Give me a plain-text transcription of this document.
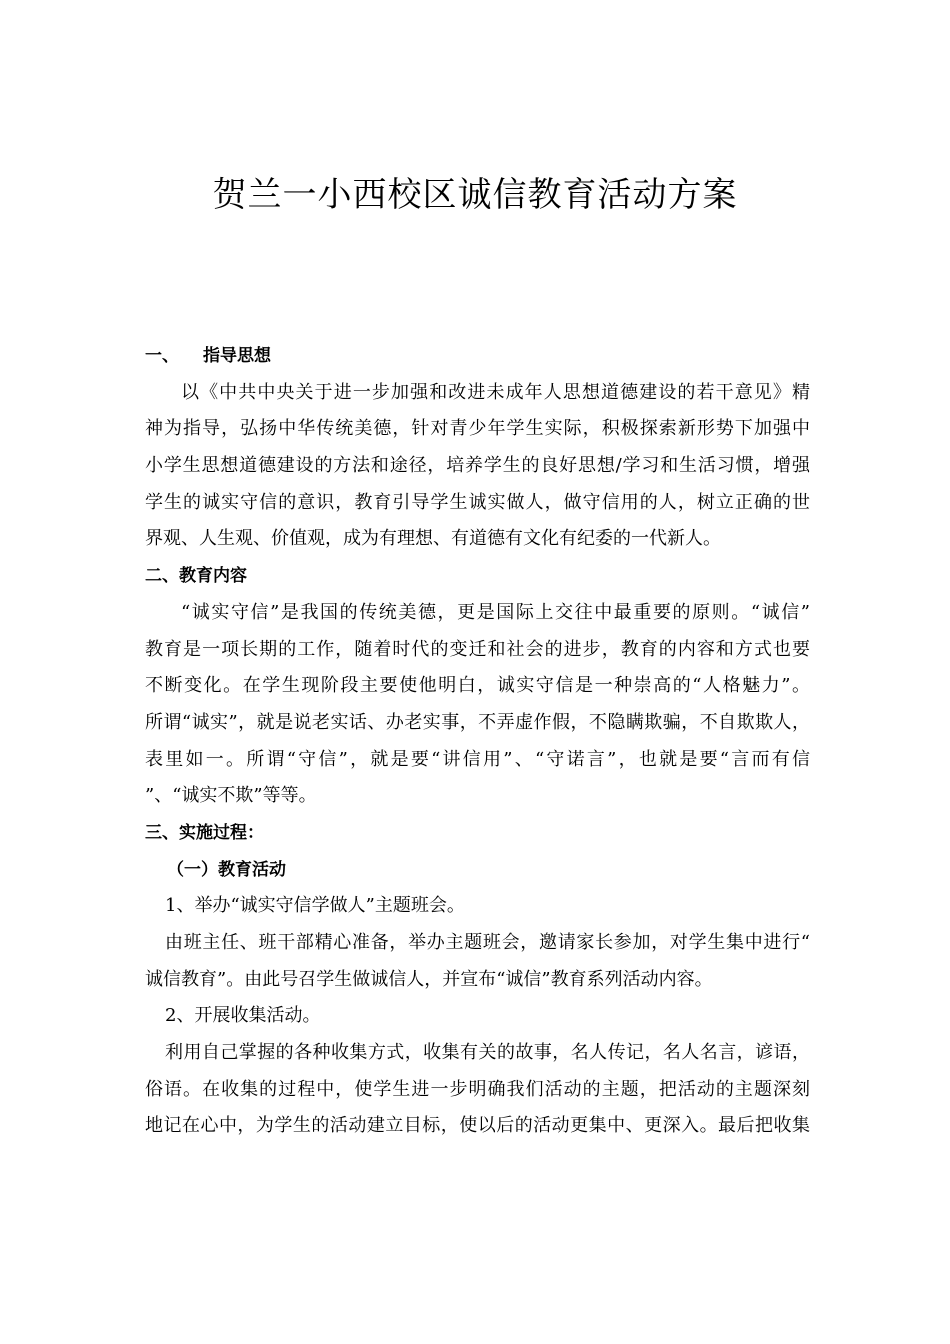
贺兰一小西校区诚信教育活动方案
一、 指导思想
以《中共中央关于进一步加强和改进未成年人思想道德建设的若干意见》精
神为指导，弘扬中华传统美德，针对青少年学生实际，积极探索新形势下加强中
小学生思想道德建设的方法和途径，培养学生的良好思想/学习和生活习惯，增强
学生的诚实守信的意识，教育引导学生诚实做人，做守信用的人，树立正确的世
界观、人生观、价值观，成为有理想、有道德有文化有纪委的一代新人。
二、教育内容
“诚实守信”是我国的传统美德，更是国际上交往中最重要的原则。“诚信”
教育是一项长期的工作，随着时代的变迁和社会的进步，教育的内容和方式也要
不断变化。在学生现阶段主要使他明白，诚实守信是一种崇高的“人格魅力”。
所谓“诚实”，就是说老实话、办老实事，不弄虚作假，不隐瞒欺骗，不自欺欺人，
表里如一。所谓“守信”，就是要“讲信用”、“守诺言”，也就是要“言而有信
”、“诚实不欺”等等。
三、实施过程：
（一）教育活动
1、举办“诚实守信学做人”主题班会。
由班主任、班干部精心准备，举办主题班会，邀请家长参加，对学生集中进行“
诚信教育”。由此号召学生做诚信人，并宣布“诚信”教育系列活动内容。
2、开展收集活动。
利用自己掌握的各种收集方式，收集有关的故事，名人传记，名人名言，谚语，
俗语。在收集的过程中，使学生进一步明确我们活动的主题，把活动的主题深刻
地记在心中，为学生的活动建立目标，使以后的活动更集中、更深入。最后把收集
